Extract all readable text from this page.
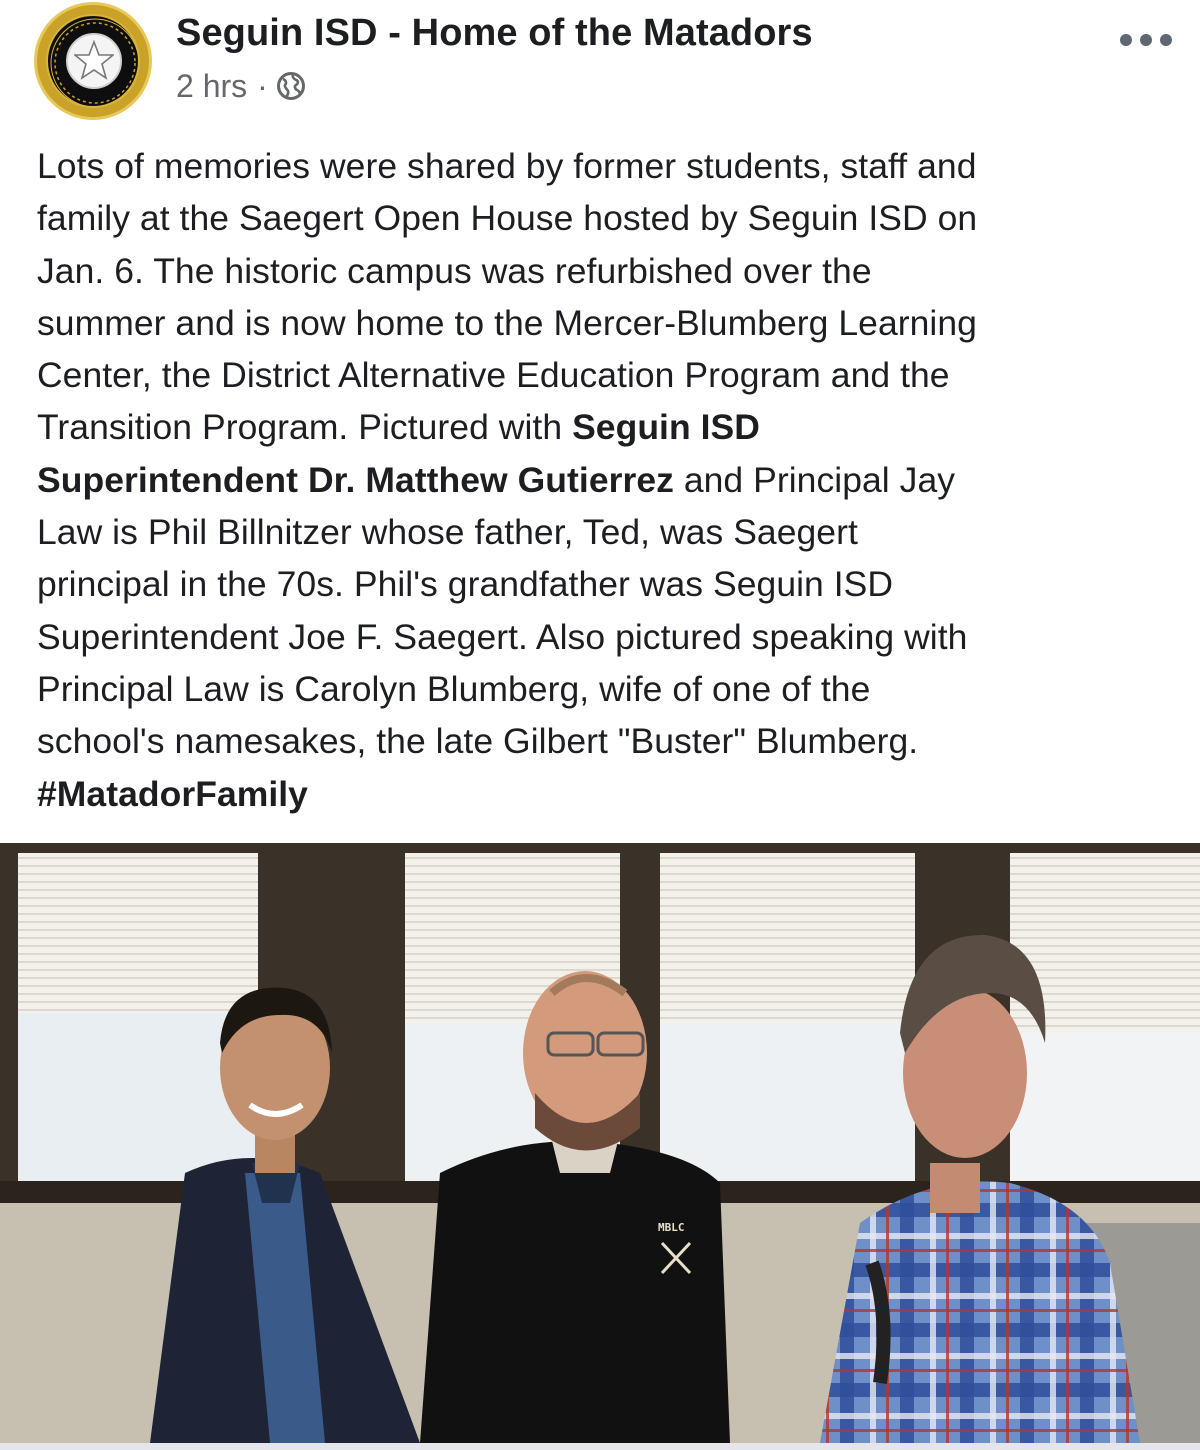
Seguin ISD - Home of the Matadors
2 hrs ·
Lots of memories were shared by former students, staff and
family at the Saegert Open House hosted by Seguin ISD on
Jan. 6. The historic campus was refurbished over the
summer and is now home to the Mercer-Blumberg Learning
Center, the District Alternative Education Program and the
Transition Program. Pictured with Seguin ISD
Superintendent Dr. Matthew Gutierrez and Principal Jay
Law is Phil Billnitzer whose father, Ted, was Saegert
principal in the 70s. Phil's grandfather was Seguin ISD
Superintendent Joe F. Saegert. Also pictured speaking with
Principal Law is Carolyn Blumberg, wife of one of the
school's namesakes, the late Gilbert "Buster" Blumberg.
#MatadorFamily
MBLC
